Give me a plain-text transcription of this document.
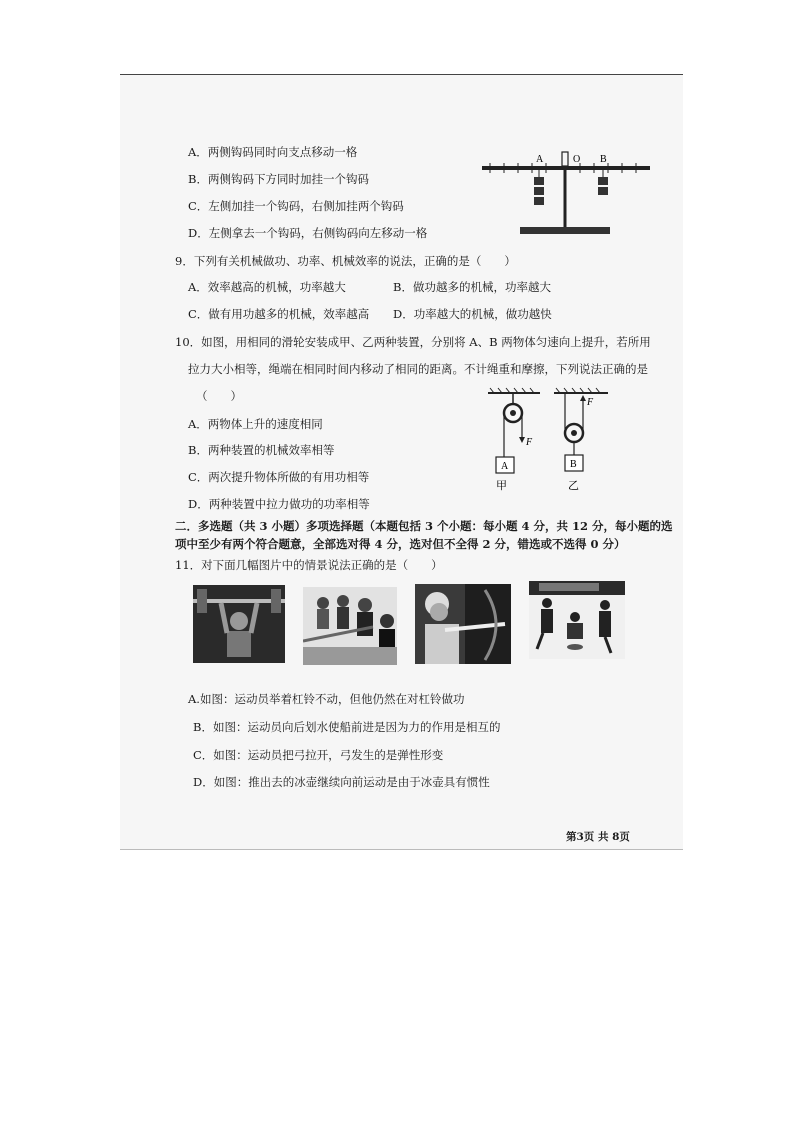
A．两侧钩码同时向支点移动一格
B．两侧钩码下方同时加挂一个钩码
C．左侧加挂一个钩码，右侧加挂两个钩码
D．左侧拿去一个钩码，右侧钩码向左移动一格
A	O B
9．下列有关机械做功、功率、机械效率的说法，正确的是（　　）
A．效率越高的机械，功率越大	B．做功越多的机械，功率越大
C．做有用功越多的机械，效率越高 D．功率越大的机械，做功越快
10．如图，用相同的滑轮安装成甲、乙两种装置，分别将 A、B 两物体匀速向上提升，若所用
拉力大小相等，绳端在相同时间内移动了相同的距离。不计绳重和摩擦，下列说法正确的是
（　　）
A．两物体上升的速度相同
B．两种装置的机械效率相等
C．两次提升物体所做的有用功相等
D．两种装置中拉力做功的功率相等
F
A
甲
F
B
乙
二．多选题（共 3 小题）多项选择题（本题包括 3 个小题：每小题 4 分，共 12 分，每小题的选
项中至少有两个符合题意，全部选对得 4 分，选对但不全得 2 分，错选或不选得 0 分）
11．对下面几幅图片中的情景说法正确的是（　　）
A.如图：运动员举着杠铃不动，但他仍然在对杠铃做功
B．如图：运动员向后划水使船前进是因为力的作用是相互的
C．如图：运动员把弓拉开，弓发生的是弹性形变
D．如图：推出去的冰壶继续向前运动是由于冰壶具有惯性
第3页 共 8页
